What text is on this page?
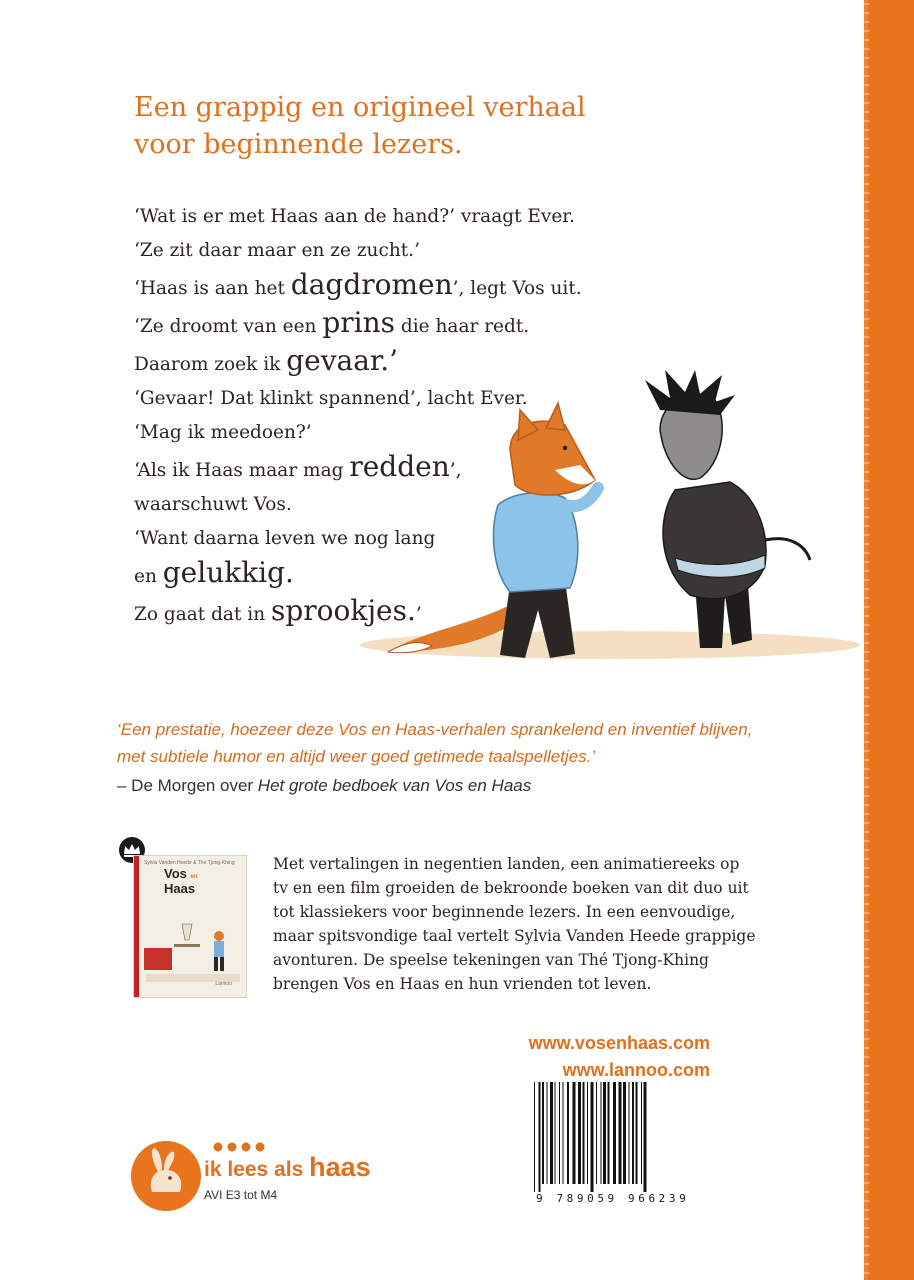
Een grappig en origineel verhaal
voor beginnende lezers.
‘Wat is er met Haas aan de hand?’ vraagt Ever.
‘Ze zit daar maar en ze zucht.’
‘Haas is aan het dagdromen’, legt Vos uit.
‘Ze droomt van een prins die haar redt.
Daarom zoek ik gevaar.’
‘Gevaar! Dat klinkt spannend’, lacht Ever.
‘Mag ik meedoen?’
‘Als ik Haas maar mag redden’,
waarschuwt Vos.
‘Want daarna leven we nog lang
en gelukkig.
Zo gaat dat in sprookjes.’
‘Een prestatie, hoezeer deze Vos en Haas-verhalen sprankelend en inventief blijven, met subtiele humor en altijd weer goed getimede taalspelletjes.’
– De Morgen over Het grote bedboek van Vos en Haas
Sylvia Vanden Heede & Thé Tjong-Khing
Vos en
Haas
Lannoo
Met vertalingen in negentien landen, een animatiereeks op
tv en een film groeiden de bekroonde boeken van dit duo uit
tot klassiekers voor beginnende lezers. In een eenvoudige,
maar spitsvondige taal vertelt Sylvia Vanden Heede grappige
avonturen. De speelse tekeningen van Thé Tjong-Khing
brengen Vos en Haas en hun vrienden tot leven.
www.vosenhaas.com
www.lannoo.com
ik lees als haas
AVI E3 tot M4	9 789059 966239
